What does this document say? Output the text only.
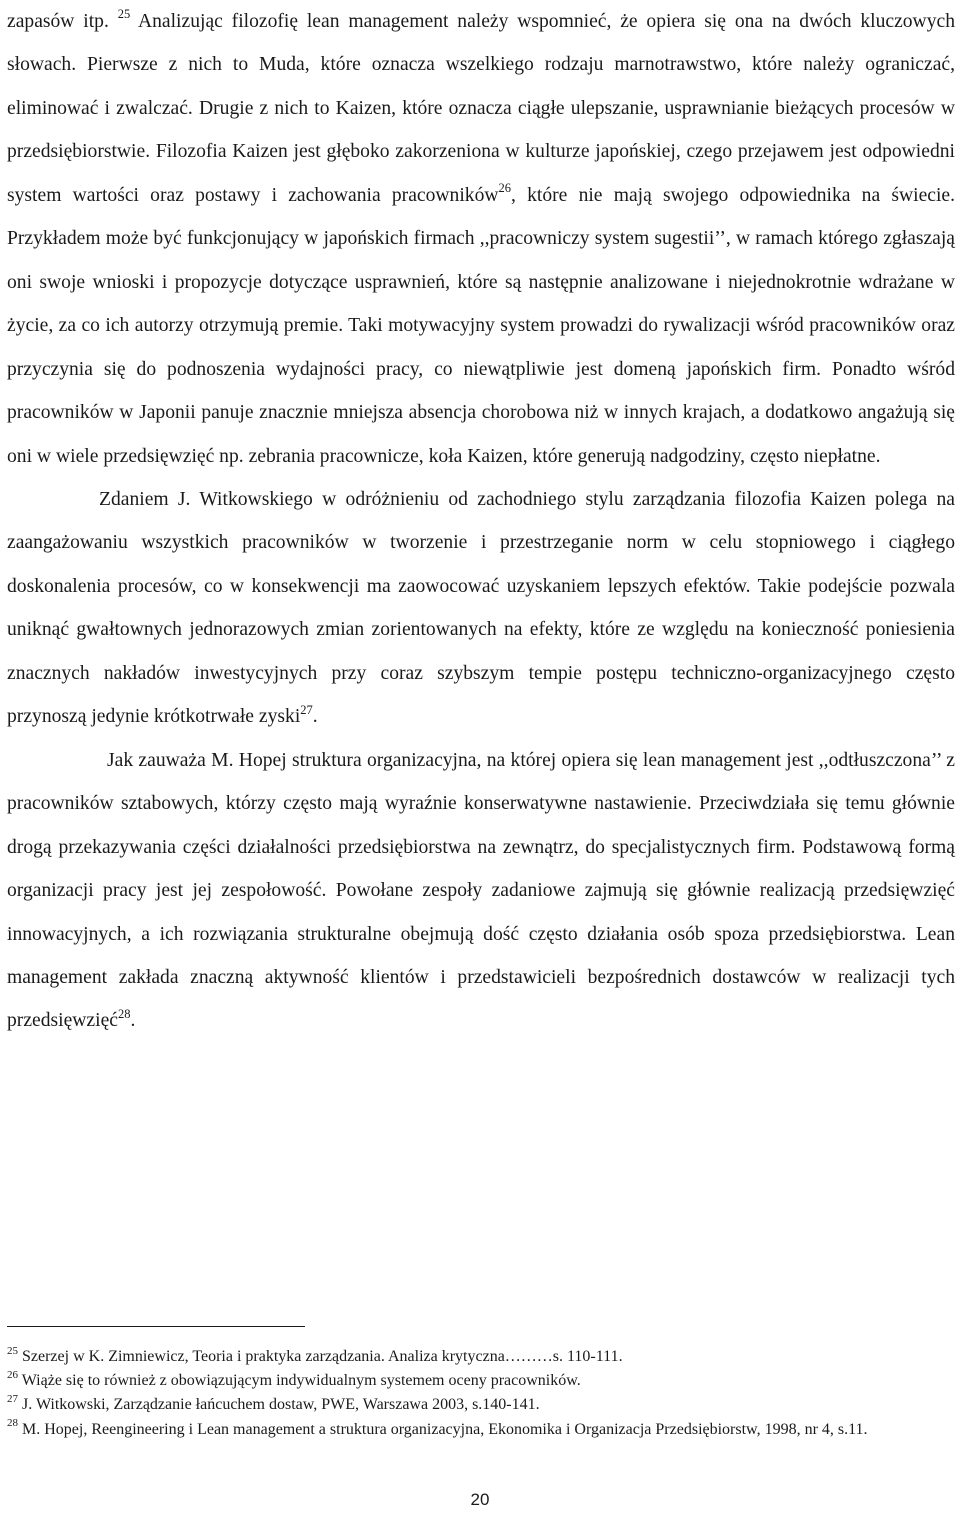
zapasów itp. $^{25}$ Analizując filozofię lean management należy wspomnieć, że opiera się ona na dwóch kluczowych słowach. Pierwsze z nich to Muda, które oznacza wszelkiego rodzaju marnotrawstwo, które należy ograniczać, eliminować i zwalczać. Drugie z nich to Kaizen, które oznacza ciągłe ulepszanie, usprawnianie bieżących procesów w przedsiębiorstwie. Filozofia Kaizen jest głęboko zakorzeniona w kulturze japońskiej, czego przejawem jest odpowiedni system wartości oraz postawy i zachowania pracowników$^{26}$, które nie mają swojego odpowiednika na świecie. Przykładem może być funkcjonujący w japońskich firmach ,,pracowniczy system sugestii’’, w ramach którego zgłaszają oni swoje wnioski i propozycje dotyczące usprawnień, które są następnie analizowane i niejednokrotnie wdrażane w życie, za co ich autorzy otrzymują premie. Taki motywacyjny system prowadzi do rywalizacji wśród pracowników oraz przyczynia się do podnoszenia wydajności pracy, co niewątpliwie jest domeną japońskich firm. Ponadto wśród pracowników w Japonii panuje znacznie mniejsza absencja chorobowa niż w innych krajach, a dodatkowo angażują się oni w wiele przedsięwzięć np. zebrania pracownicze, koła Kaizen, które generują nadgodziny, często niepłatne.

Zdaniem J. Witkowskiego w odróżnieniu od zachodniego stylu zarządzania filozofia Kaizen polega na zaangażowaniu wszystkich pracowników w tworzenie i przestrzeganie norm w celu stopniowego i ciągłego doskonalenia procesów, co w konsekwencji ma zaowocować uzyskaniem lepszych efektów. Takie podejście pozwala uniknąć gwałtownych jednorazowych zmian zorientowanych na efekty, które ze względu na konieczność poniesienia znacznych nakładów inwestycyjnych przy coraz szybszym tempie postępu techniczno-organizacyjnego często przynoszą jedynie krótkotrwałe zyski$^{27}$.

Jak zauważa M. Hopej struktura organizacyjna, na której opiera się lean management jest ,,odtłuszczona’’ z pracowników sztabowych, którzy często mają wyraźnie konserwatywne nastawienie. Przeciwdziała się temu głównie drogą przekazywania części działalności przedsiębiorstwa na zewnątrz, do specjalistycznych firm. Podstawową formą organizacji pracy jest jej zespołowość. Powołane zespoły zadaniowe zajmują się głównie realizacją przedsięwzięć innowacyjnych, a ich rozwiązania strukturalne obejmują dość często działania osób spoza przedsiębiorstwa. Lean management zakłada znaczną aktywność klientów i przedstawicieli bezpośrednich dostawców w realizacji tych przedsięwzięć$^{28}$.

$^{25}$ Szerzej w K. Zimniewicz, Teoria i praktyka zarządzania. Analiza krytyczna………s. 110-111.

$^{26}$ Wiąże się to również z obowiązującym indywidualnym systemem oceny pracowników.

$^{27}$ J. Witkowski, Zarządzanie łańcuchem dostaw, PWE, Warszawa 2003, s.140-141.

$^{28}$ M. Hopej, Reengineering i Lean management a struktura organizacyjna, Ekonomika i Organizacja Przedsiębiorstw, 1998, nr 4, s.11.

20
